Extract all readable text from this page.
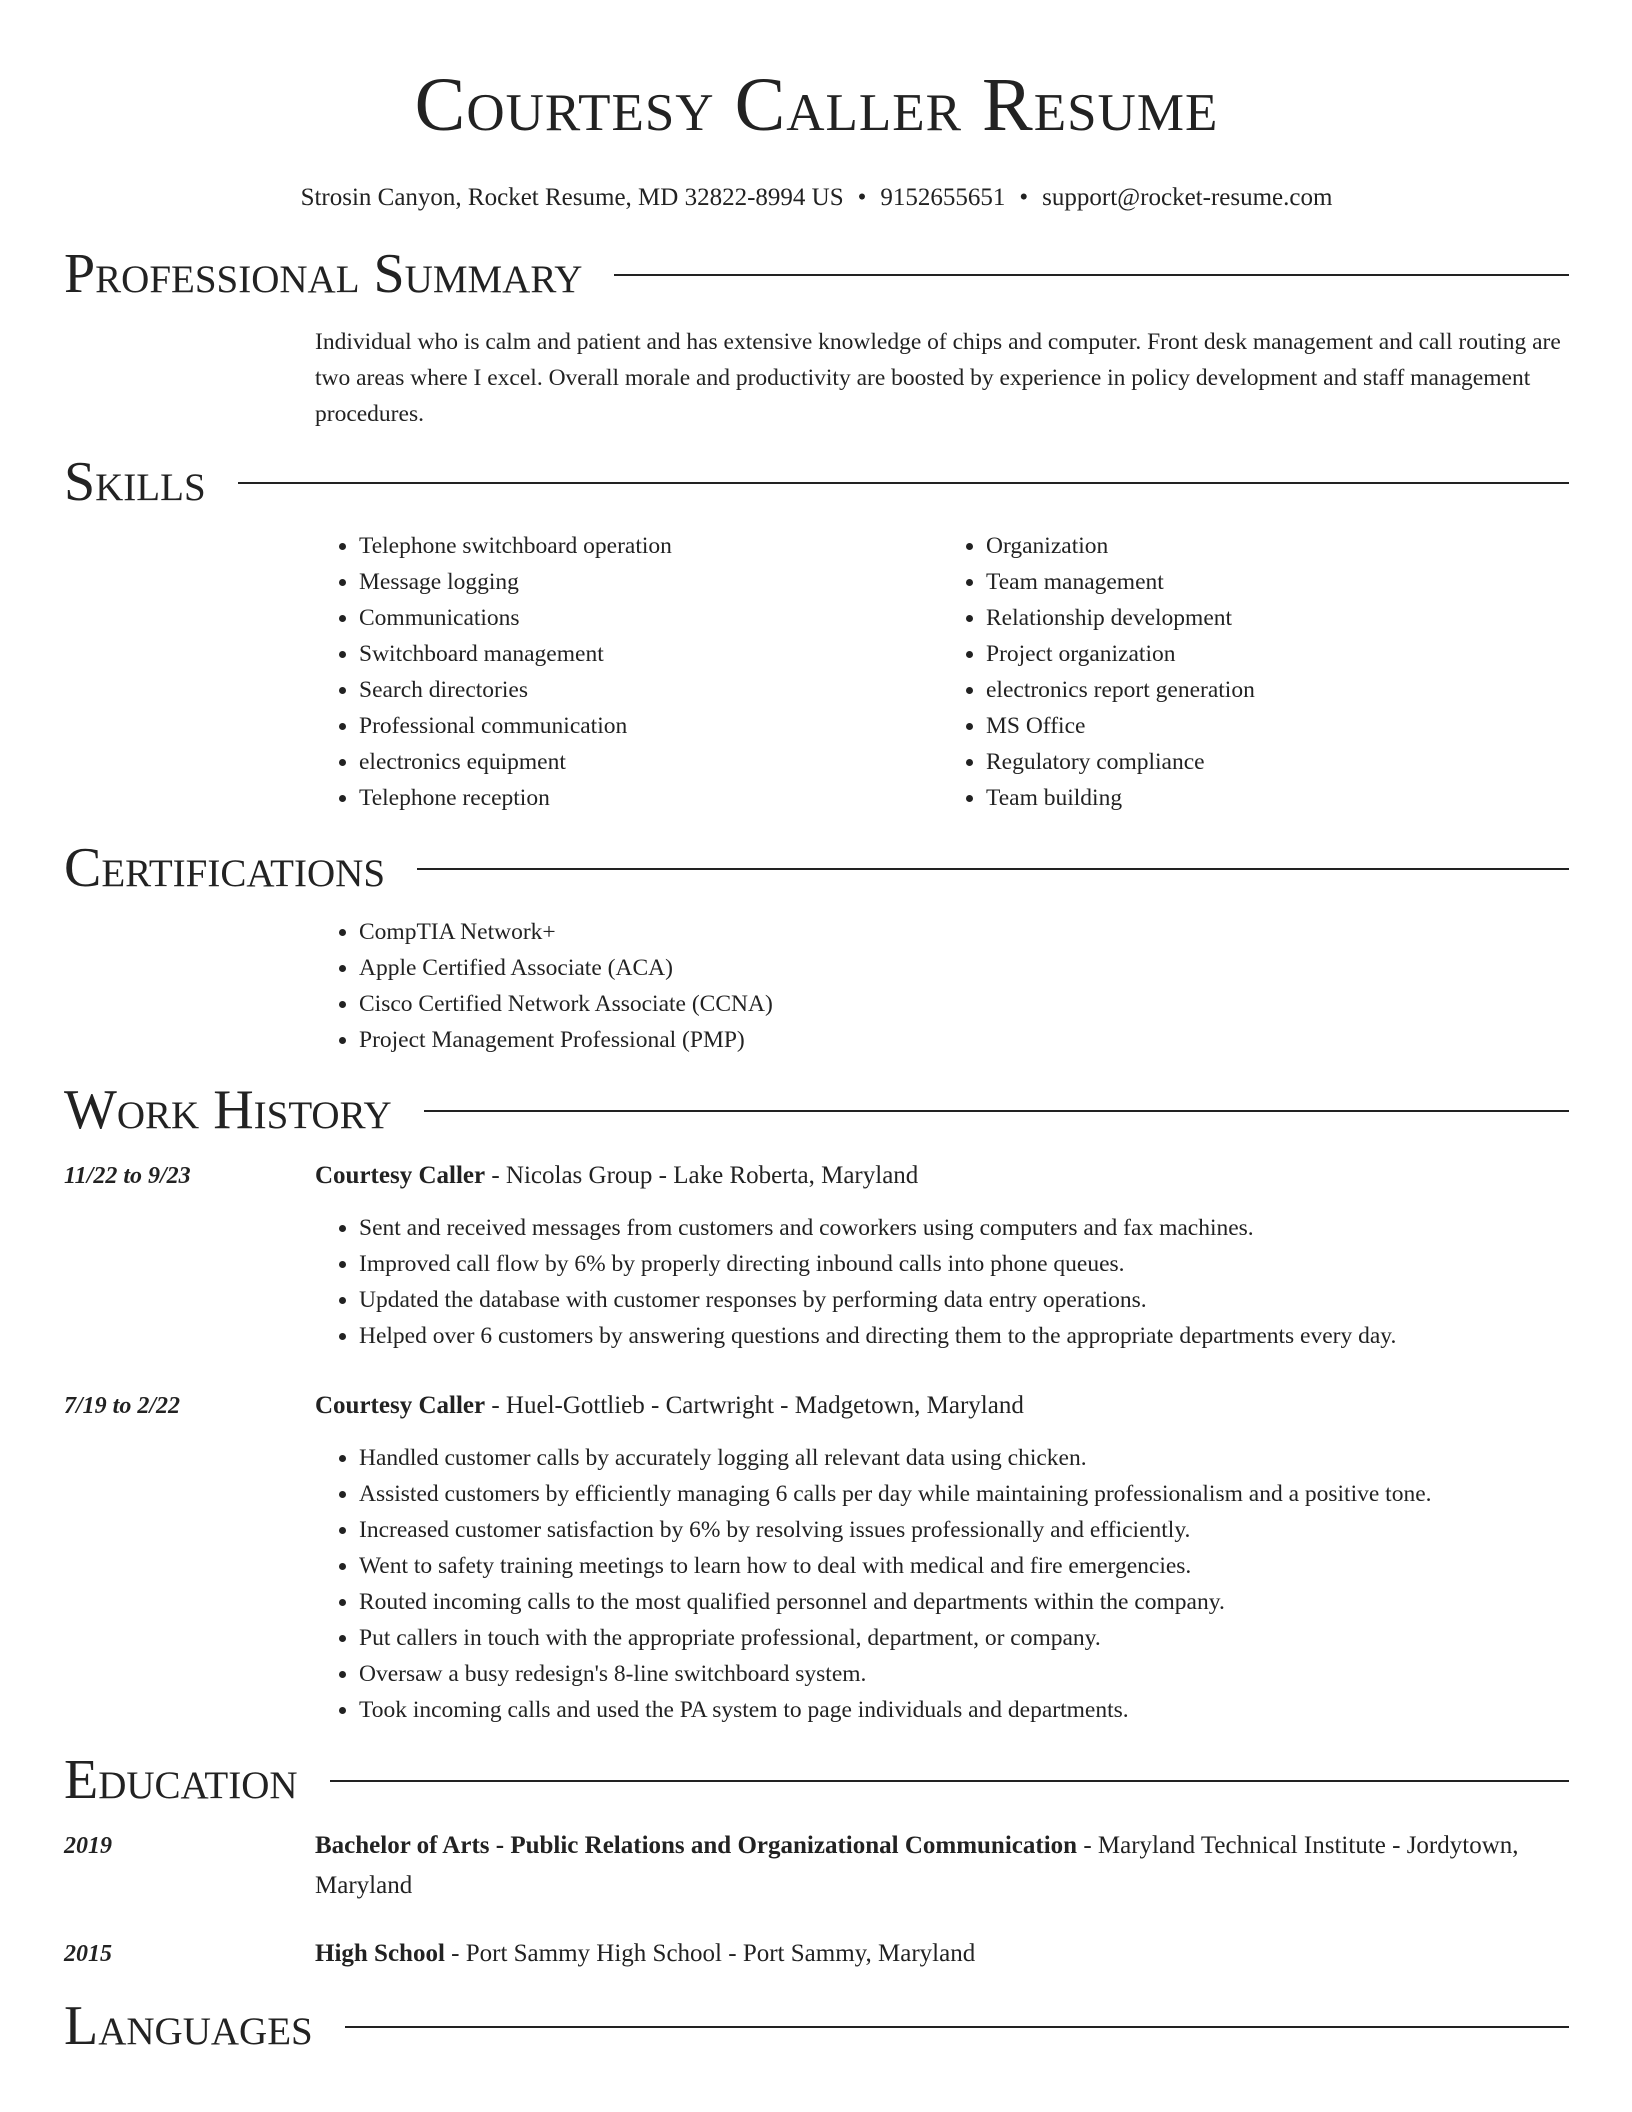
Courtesy Caller Resume
Strosin Canyon, Rocket Resume, MD 32822-8994 US • 9152655651 • support@rocket-resume.com
Professional Summary
Individual who is calm and patient and has extensive knowledge of chips and computer. Front desk management and call routing are two areas where I excel. Overall morale and productivity are boosted by experience in policy development and staff management procedures.
Skills
• Telephone switchboard operation
• Message logging
• Communications
• Switchboard management
• Search directories
• Professional communication
• electronics equipment
• Telephone reception
• Organization
• Team management
• Relationship development
• Project organization
• electronics report generation
• MS Office
• Regulatory compliance
• Team building
Certifications
• CompTIA Network+
• Apple Certified Associate (ACA)
• Cisco Certified Network Associate (CCNA)
• Project Management Professional (PMP)
Work History
11/22 to 9/23	Courtesy Caller - Nicolas Group - Lake Roberta, Maryland
• Sent and received messages from customers and coworkers using computers and fax machines.
• Improved call flow by 6% by properly directing inbound calls into phone queues.
• Updated the database with customer responses by performing data entry operations.
• Helped over 6 customers by answering questions and directing them to the appropriate departments every day.
7/19 to 2/22	Courtesy Caller - Huel-Gottlieb - Cartwright - Madgetown, Maryland
• Handled customer calls by accurately logging all relevant data using chicken.
• Assisted customers by efficiently managing 6 calls per day while maintaining professionalism and a positive tone.
• Increased customer satisfaction by 6% by resolving issues professionally and efficiently.
• Went to safety training meetings to learn how to deal with medical and fire emergencies.
• Routed incoming calls to the most qualified personnel and departments within the company.
• Put callers in touch with the appropriate professional, department, or company.
• Oversaw a busy redesign's 8-line switchboard system.
• Took incoming calls and used the PA system to page individuals and departments.
Education
2019	Bachelor of Arts - Public Relations and Organizational Communication - Maryland Technical Institute - Jordytown, Maryland
2015	High School - Port Sammy High School - Port Sammy, Maryland
Languages
